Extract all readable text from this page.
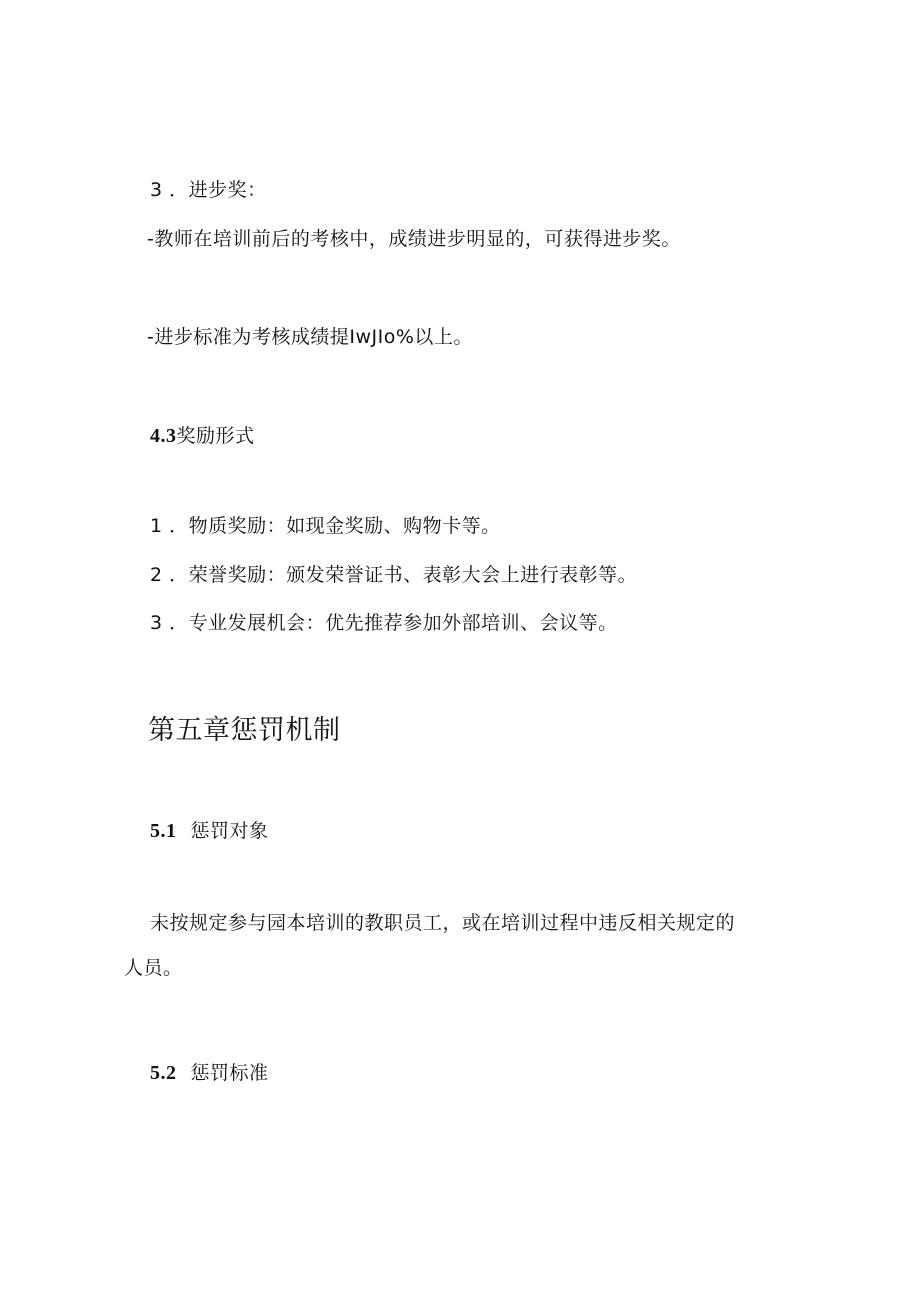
3 ．进步奖：
-教师在培训前后的考核中，成绩进步明显的，可获得进步奖。
-进步标准为考核成绩提IwJIo%以上。
4.3奖励形式
1 ．物质奖励：如现金奖励、购物卡等。
2 ．荣誉奖励：颁发荣誉证书、表彰大会上进行表彰等。
3 ．专业发展机会：优先推荐参加外部培训、会议等。
第五章惩罚机制
5.1 惩罚对象
未按规定参与园本培训的教职员工，或在培训过程中违反相关规定的
人员。
5.2 惩罚标准
